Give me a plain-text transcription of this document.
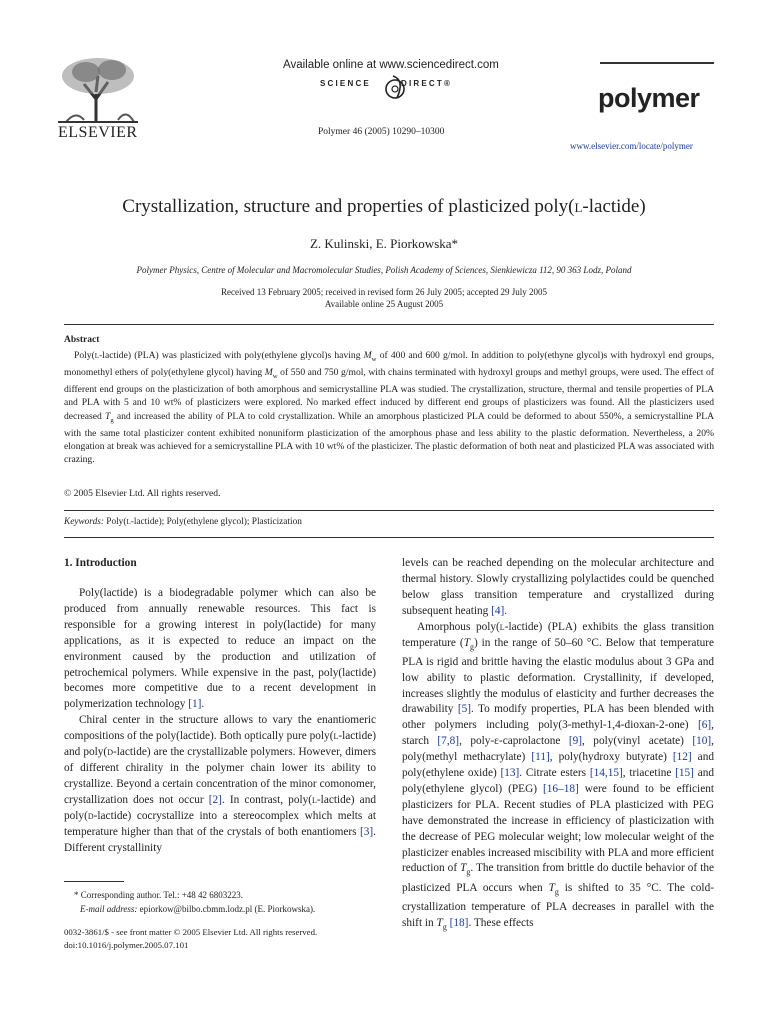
ELSEVIER
Available online at www.sciencedirect.com
SCIENCE	DIRECT®
Polymer 46 (2005) 10290–10300
polymer
www.elsevier.com/locate/polymer
Crystallization, structure and properties of plasticized poly(l-lactide)
Z. Kulinski, E. Piorkowska*
Polymer Physics, Centre of Molecular and Macromolecular Studies, Polish Academy of Sciences, Sienkiewicza 112, 90 363 Lodz, Poland
Received 13 February 2005; received in revised form 26 July 2005; accepted 29 July 2005
Available online 25 August 2005
Abstract

Poly(l-lactide) (PLA) was plasticized with poly(ethylene glycol)s having $M_w$ of 400 and 600 g/mol. In addition to poly(ethyne glycol)s with hydroxyl end groups, monomethyl ethers of poly(ethylene glycol) having $M_w$ of 550 and 750 g/mol, with chains terminated with hydroxyl groups and methyl groups, were used. The effect of different end groups on the plasticization of both amorphous and semicrystalline PLA was studied. The crystallization, structure, thermal and tensile properties of PLA and PLA with 5 and 10 wt% of plasticizers were explored. No marked effect induced by different end groups of plasticizers was found. All the plasticizers used decreased $T_g$ and increased the ability of PLA to cold crystallization. While an amorphous plasticized PLA could be deformed to about 550%, a semicrystalline PLA with the same total plasticizer content exhibited nonuniform plasticization of the amorphous phase and less ability to the plastic deformation. Nevertheless, a 20% elongation at break was achieved for a semicrystalline PLA with 10 wt% of the plasticizer. The plastic deformation of both neat and plasticized PLA was associated with crazing.

© 2005 Elsevier Ltd. All rights reserved.
Keywords: Poly(l-lactide); Poly(ethylene glycol); Plasticization
1. Introduction

Poly(lactide) is a biodegradable polymer which can also be produced from annually renewable resources. This fact is responsible for a growing interest in poly(lactide) for many applications, as it is expected to reduce an impact on the environment caused by the production and utilization of petrochemical polymers. While expensive in the past, poly(lactide) becomes more competitive due to a recent development in polymerization technology [1].

Chiral center in the structure allows to vary the enantiomeric compositions of the poly(lactide). Both optically pure poly(l-lactide) and poly(d-lactide) are the crystallizable polymers. However, dimers of different chirality in the polymer chain lower its ability to crystallize. Beyond a certain concentration of the minor comonomer, crystallization does not occur [2]. In contrast, poly(l-lactide) and poly(d-lactide) cocrystallize into a stereocomplex which melts at temperature higher than that of the crystals of both enantiomers [3]. Different crystallinity

levels can be reached depending on the molecular architecture and thermal history. Slowly crystallizing polylactides could be quenched below glass transition temperature and crystallized during subsequent heating [4].

Amorphous poly(l-lactide) (PLA) exhibits the glass transition temperature $(T_g)$ in the range of 50–60 °C. Below that temperature PLA is rigid and brittle having the elastic modulus about 3 GPa and low ability to plastic deformation. Crystallinity, if developed, increases slightly the modulus of elasticity and further decreases the drawability [5]. To modify properties, PLA has been blended with other polymers including poly(3-methyl-1,4-dioxan-2-one) [6], starch [7,8], poly-ε-caprolactone [9], poly(vinyl acetate) [10], poly(methyl methacrylate) [11], poly(hydroxy butyrate) [12] and poly(ethylene oxide) [13]. Citrate esters [14,15], triacetine [15] and poly(ethylene glycol) (PEG) [16–18] were found to be efficient plasticizers for PLA. Recent studies of PLA plasticized with PEG have demonstrated the increase in efficiency of plasticization with the decrease of PEG molecular weight; low molecular weight of the plasticizer enables increased miscibility with PLA and more efficient reduction of $T_g$. The transition from brittle do ductile behavior of the plasticized PLA occurs when $T_g$ is shifted to 35 °C. The cold-crystallization temperature of PLA decreases in parallel with the shift in $T_g$ [18]. These effects

* Corresponding author. Tel.: +48 42 6803223.
E-mail address: epiorkow@bilbo.cbmm.lodz.pl (E. Piorkowska).
0032-3861/$ - see front matter © 2005 Elsevier Ltd. All rights reserved.
doi:10.1016/j.polymer.2005.07.101
